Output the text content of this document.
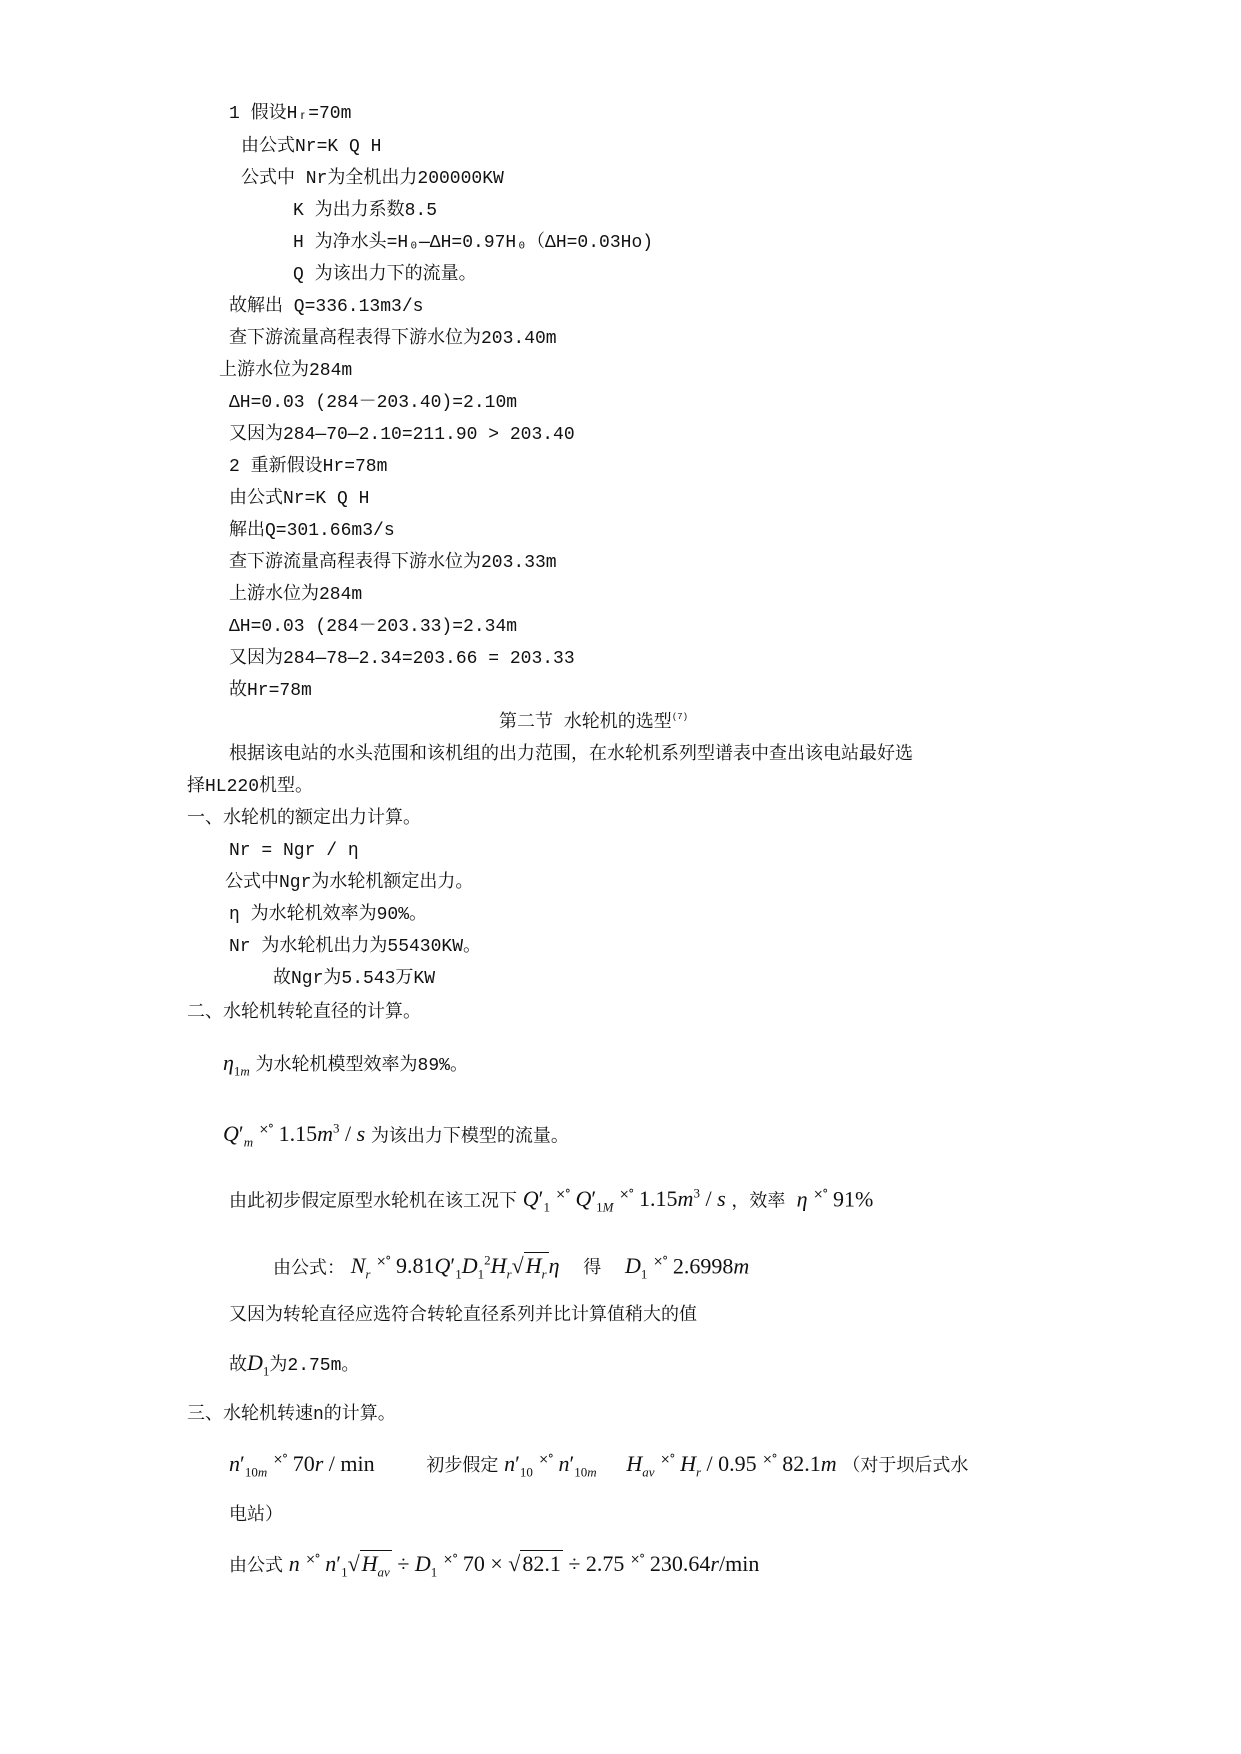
1 假设Hᵣ=70m
由公式Nr=K Q H
公式中 Nr为全机出力200000KW
K 为出力系数8.5
H 为净水头=H₀—ΔH=0.97H₀（ΔH=0.03Ho)
Q 为该出力下的流量。
故解出 Q=336.13m3/s
查下游流量高程表得下游水位为203.40m
上游水位为284m
ΔH=0.03 (284－203.40)=2.10m
又因为284—70—2.10=211.90 > 203.40
2 重新假设Hr=78m
由公式Nr=K Q H
解出Q=301.66m3/s
查下游流量高程表得下游水位为203.33m
上游水位为284m
ΔH=0.03 (284－203.33)=2.34m
又因为284—78—2.34=203.66 = 203.33
故Hr=78m
第二节 水轮机的选型$^{(7)}$
根据该电站的水头范围和该机组的出力范围，在水轮机系列型谱表中查出该电站最好选
择HL220机型。
一、水轮机的额定出力计算。
Nr = Ngr / η
公式中Ngr为水轮机额定出力。
η 为水轮机效率为90%。
Nr 为水轮机出力为55430KW。
故Ngr为5.543万KW
二、水轮机转轮直径的计算。
$\eta_{1m}$ 为水轮机模型效率为89%。
$Q'_m$ ×° $1.15m^3$ / s 为该出力下模型的流量。
由此初步假定原型水轮机在该工况下 $Q'_1$ ×° $Q'_{1M}$ ×° $1.15m^3$ / s ，效率 η ×° 91%
由公式： $N_r$ ×° $9.81Q'_1D_1^2H_r√H_r\eta$ 得 $D_1$ ×° 2.6998m
又因为转轮直径应选符合转轮直径系列并比计算值稍大的值
故$D_1$为2.75m。
三、水轮机转速n的计算。
$n'_{10m}$ ×° 70r / min	初步假定 $n'_{10}$ ×° $n'_{10m}$ $H_{av}$ ×° $H_r / 0.95$ ×° 82.1m （对于坝后式水
电站）
由公式 n ×° $n'_1√H_{av} \div D_1$ ×° 70 × √82.1 ÷ 2.75 ×° 230.64r/min
